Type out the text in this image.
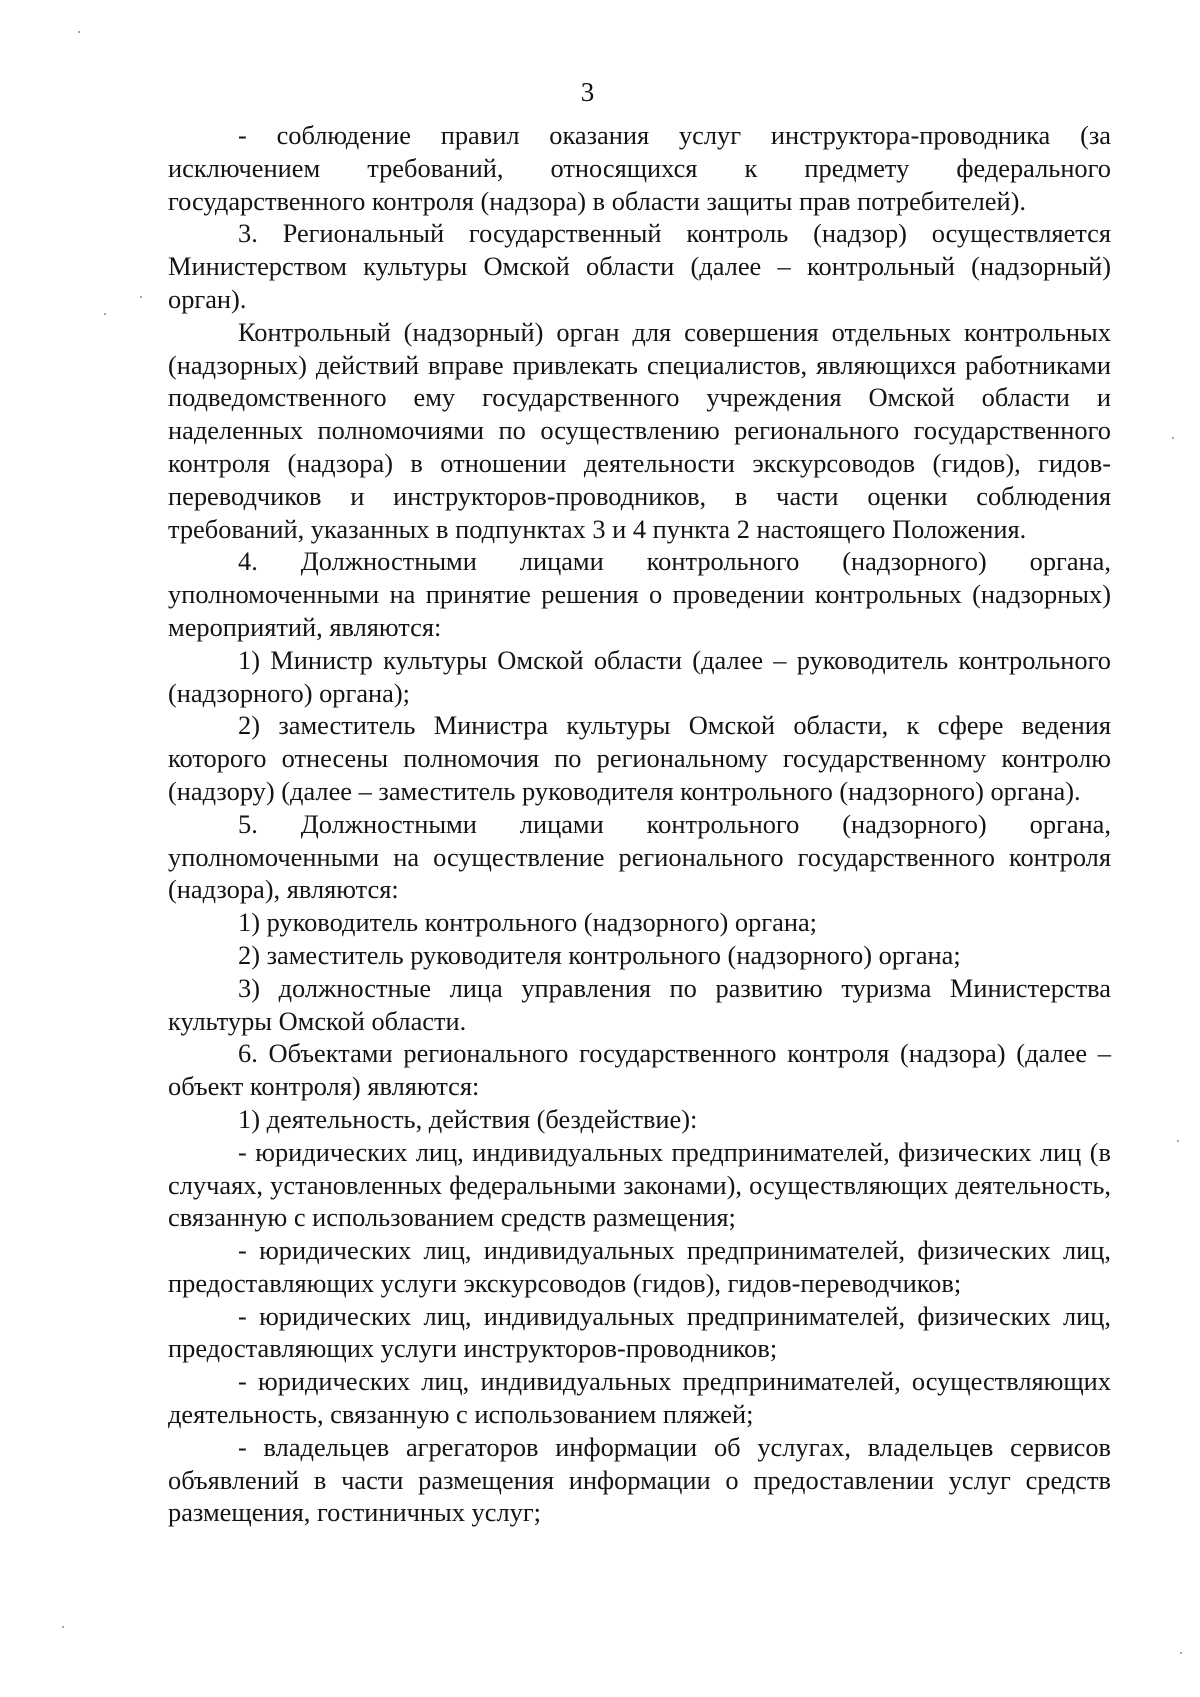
3

- соблюдение правил оказания услуг инструктора-проводника (за исключением требований, относящихся к предмету федерального государственного контроля (надзора) в области защиты прав потребителей).

3. Региональный государственный контроль (надзор) осуществляется Министерством культуры Омской области (далее – контрольный (надзорный) орган).

Контрольный (надзорный) орган для совершения отдельных контрольных (надзорных) действий вправе привлекать специалистов, являющихся работниками подведомственного ему государственного учреждения Омской области и наделенных полномочиями по осуществлению регионального государственного контроля (надзора) в отношении деятельности экскурсоводов (гидов), гидов-переводчиков и инструкторов-проводников, в части оценки соблюдения требований, указанных в подпунктах 3 и 4 пункта 2 настоящего Положения.

4. Должностными лицами контрольного (надзорного) органа, уполномоченными на принятие решения о проведении контрольных (надзорных) мероприятий, являются:

1) Министр культуры Омской области (далее – руководитель контрольного (надзорного) органа);

2) заместитель Министра культуры Омской области, к сфере ведения которого отнесены полномочия по региональному государственному контролю (надзору) (далее – заместитель руководителя контрольного (надзорного) органа).

5. Должностными лицами контрольного (надзорного) органа, уполномоченными на осуществление регионального государственного контроля (надзора), являются:

1) руководитель контрольного (надзорного) органа;

2) заместитель руководителя контрольного (надзорного) органа;

3) должностные лица управления по развитию туризма Министерства культуры Омской области.

6. Объектами регионального государственного контроля (надзора) (далее – объект контроля) являются:

1) деятельность, действия (бездействие):

- юридических лиц, индивидуальных предпринимателей, физических лиц (в случаях, установленных федеральными законами), осуществляющих деятельность, связанную с использованием средств размещения;

- юридических лиц, индивидуальных предпринимателей, физических лиц, предоставляющих услуги экскурсоводов (гидов), гидов-переводчиков;

- юридических лиц, индивидуальных предпринимателей, физических лиц, предоставляющих услуги инструкторов-проводников;

- юридических лиц, индивидуальных предпринимателей, осуществляющих деятельность, связанную с использованием пляжей;

- владельцев агрегаторов информации об услугах, владельцев сервисов объявлений в части размещения информации о предоставлении услуг средств размещения, гостиничных услуг;
